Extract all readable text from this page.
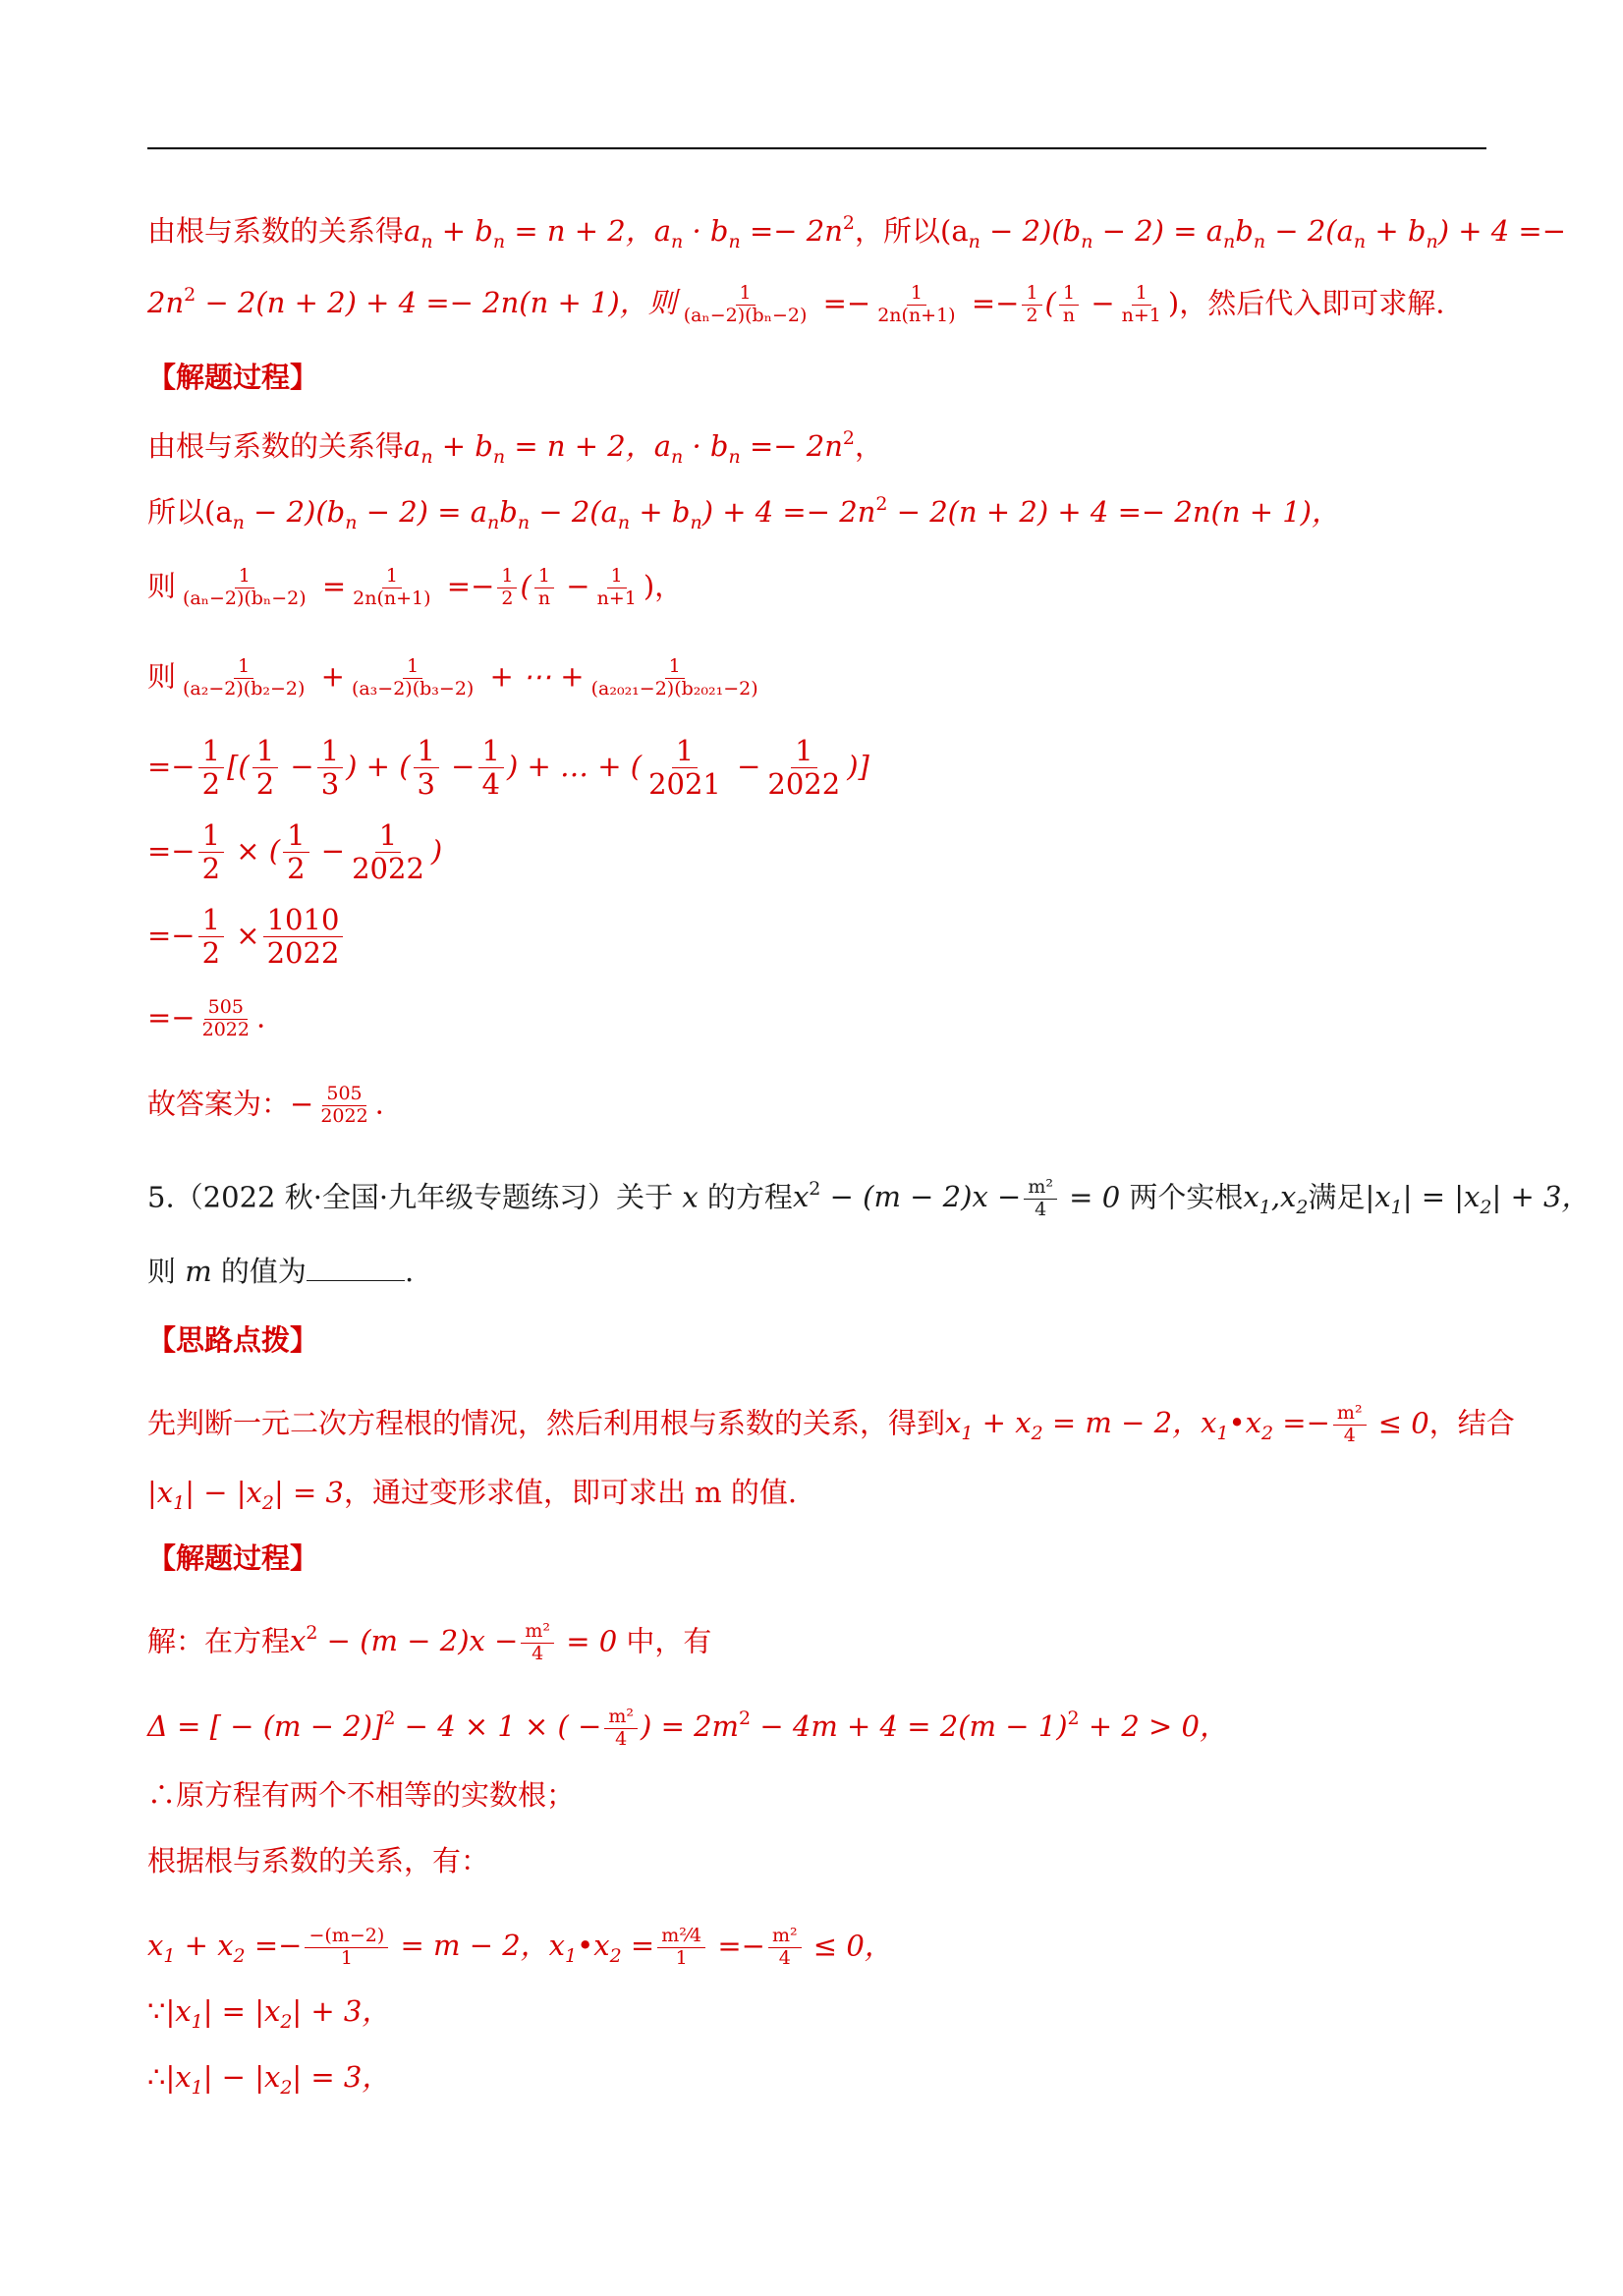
由根与系数的关系得$a_n + b_n = n + 2$，$a_n \cdot b_n =- 2n^2$，所以$(a_n - 2)(b_n - 2) = a_nb_n - 2(a_n + b_n) + 4$ =−
$2n^2 - 2(n + 2) + 4 =- 2n(n + 1)$，则 $\frac{1}{\text{(aₙ−2)(bₙ−2)}} =- \frac{1}{2n(n+1)} =- \frac{1}{2}$ ( $\frac{1}{n} - \frac{1}{n+1}$ )，然后代入即可求解.
【解题过程】
由根与系数的关系得$a_n + b_n = n + 2$，$a_n \cdot b_n =- 2n^2$，
所以$(a_n - 2)(b_n - 2) = a_nb_n - 2(a_n + b_n) + 4 =- 2n^2 - 2(n + 2) + 4 =- 2n(n + 1)$，
则 $\frac{1}{\text{(aₙ−2)(bₙ−2)}} = \frac{1}{2n(n+1)} =- \frac{1}{2}$ ( $\frac{1}{n} - \frac{1}{n+1}$ )，
则 $\frac{1}{\text{(a₂−2)(b₂−2)}} + \frac{1}{\text{(a₃−2)(b₃−2)}}$ + ⋯ + $\frac{1}{\text{(a₂₀₂₁−2)(b₂₀₂₁−2)}}$
=− $\frac{1}{2}$ [( $\frac{1}{2} - \frac{1}{3}$ ) + ( $\frac{1}{3} - \frac{1}{4}$ ) + … + ( $\frac{1}{2021} - \frac{1}{2022}$ )]
=− $\frac{1}{2}$ × ( $\frac{1}{2} - \frac{1}{2022}$ )
=− $\frac{1}{2} \times \frac{1010}{2022}$
=− $\frac{505}{2022}$ .
故答案为：− $\frac{505}{2022}$ .
5.（2022 秋·全国·九年级专题练习）关于 x 的方程$x^2 - (m - 2)x - \frac{\text{m²}}{4} = 0$ 两个实根$x_1,x_2$满足$|x_1| = |x_2| + 3$，
则 m 的值为	.
【思路点拨】
先判断一元二次方程根的情况，然后利用根与系数的关系，得到$x_1 + x_2 = m - 2$，$x_1•x_2 =- \frac{\text{m²}}{4} \le 0$，结合
$|x_1| - |x_2| = 3$，通过变形求值，即可求出 m 的值.
【解题过程】
解：在方程$x^2 - (m - 2)x - \frac{\text{m²}}{4} = 0$ 中，有
Δ = [ − (m − 2)]$^2$ − 4 × 1 × ( − $\frac{\text{m²}}{4}$ ) = $2m^2 - 4m + 4 = 2(m - 1)^2 + 2 > 0$，
∴原方程有两个不相等的实数根；
根据根与系数的关系，有：
$x_1 + x_2 =- \frac{-(m-2)}{1} = m - 2$，$x_1•x_2 = \frac{\text{m²⁄4}}{1} =- \frac{\text{m²}}{4} \le 0$，
$\because|x_1| = |x_2| + 3$，
$\therefore|x_1| - |x_2| = 3$，
